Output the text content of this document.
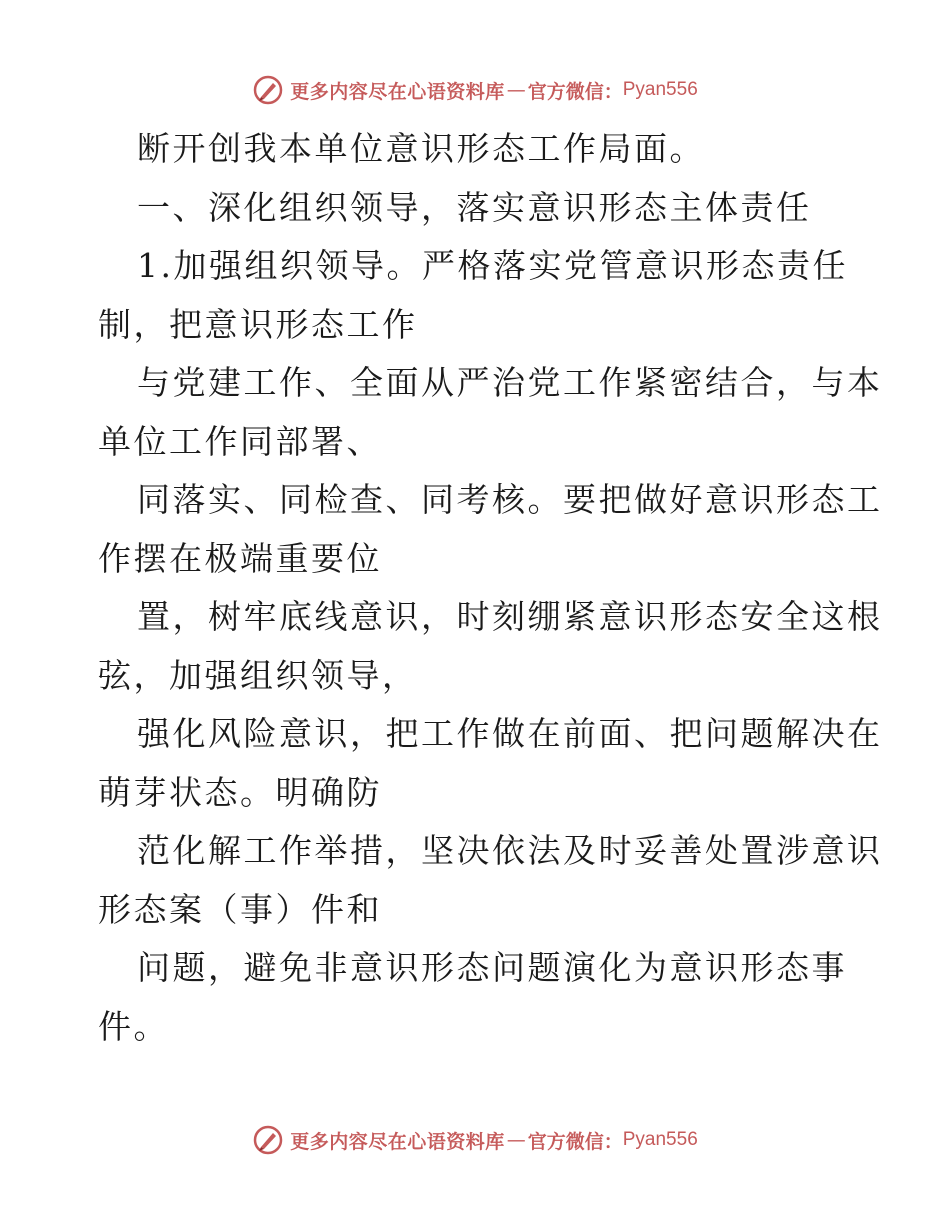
更多内容尽在心语资料库 — 官方微信： Pyan556
断开创我本单位意识形态工作局面。
一、深化组织领导，落实意识形态主体责任
1.加强组织领导。严格落实党管意识形态责任
制，把意识形态工作
与党建工作、全面从严治党工作紧密结合，与本
单位工作同部署、
同落实、同检查、同考核。要把做好意识形态工
作摆在极端重要位
置，树牢底线意识，时刻绷紧意识形态安全这根
弦，加强组织领导，
强化风险意识，把工作做在前面、把问题解决在
萌芽状态。明确防
范化解工作举措，坚决依法及时妥善处置涉意识
形态案（事）件和
问题，避免非意识形态问题演化为意识形态事
件。
更多内容尽在心语资料库 — 官方微信： Pyan556
